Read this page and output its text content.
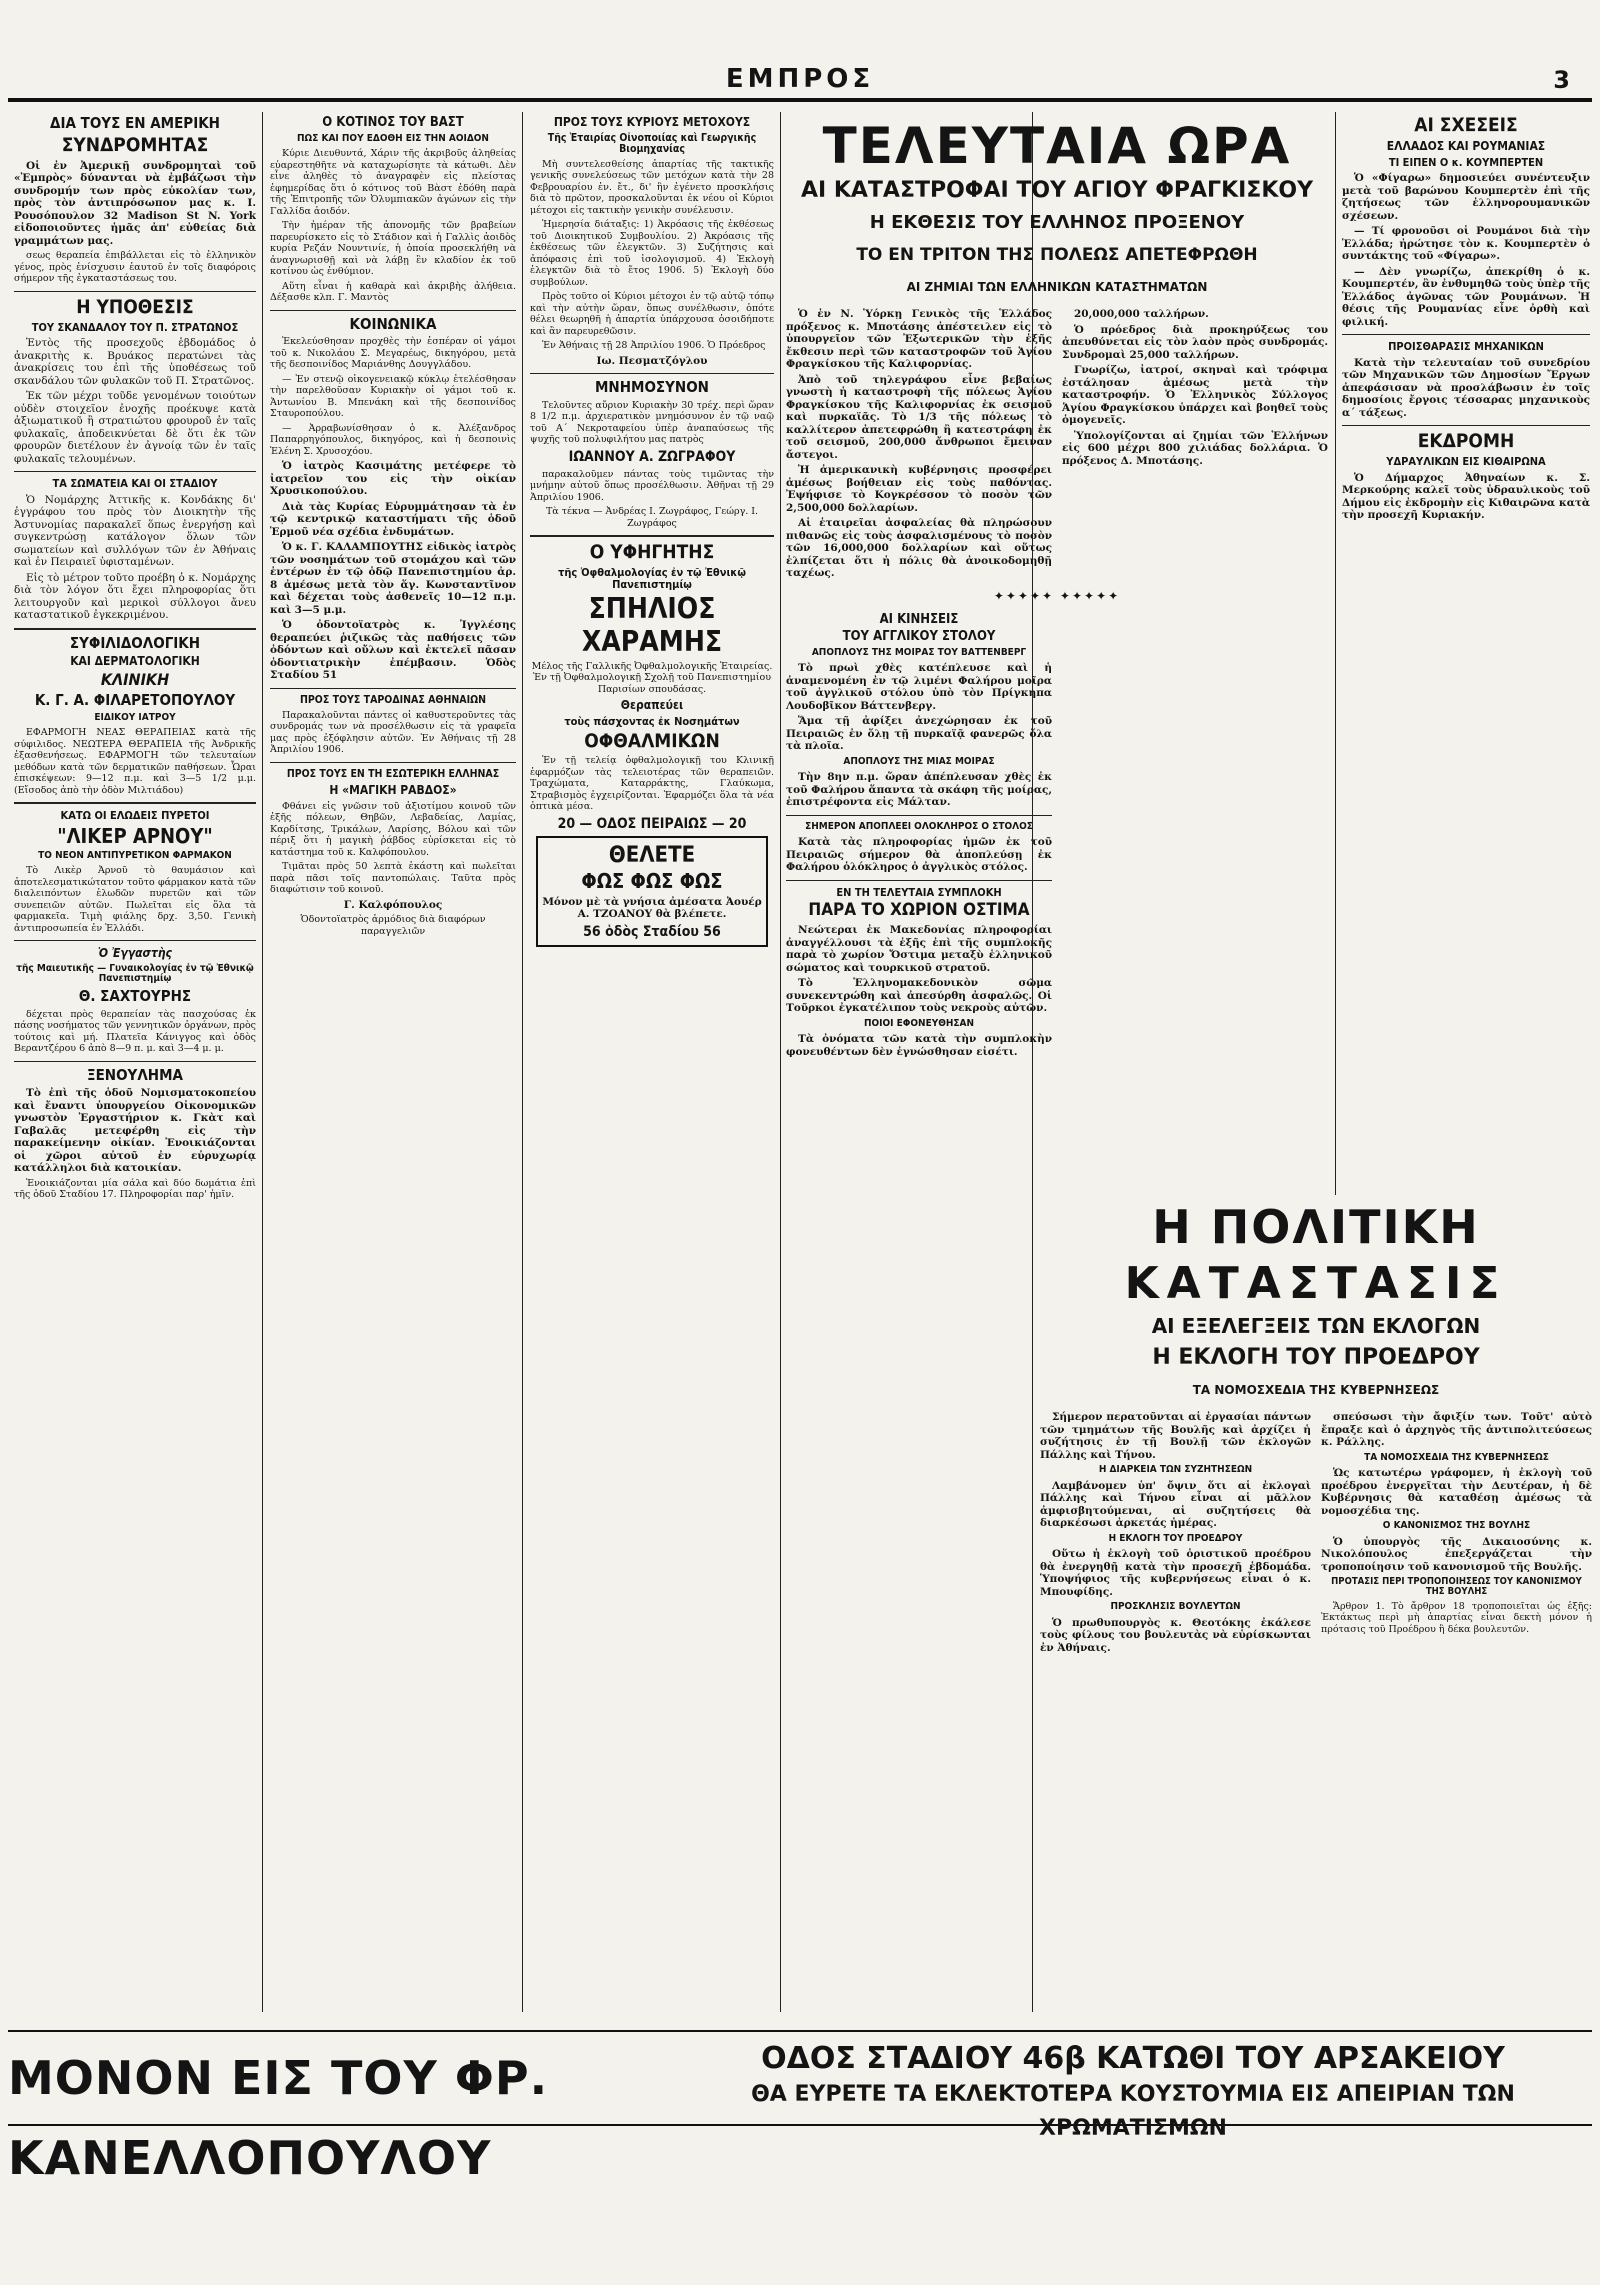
ΕΜΠΡΟΣ	3
ΔΙΑ ΤΟΥΣ ΕΝ ΑΜΕΡΙΚΗ
ΣΥΝΔΡΟΜΗΤΑΣ

Οἱ ἐν Ἀμερικῇ συνδρομηταὶ τοῦ «Ἐμπρὸς» δύνανται νὰ ἐμβάζωσι τὴν συνδρομήν των πρὸς εὐκολίαν των, πρὸς τὸν ἀντιπρόσωπον μας κ. Ι. Ρουσόπουλον 32 Madison St N. York εἰδοποιοῦντες ἡμᾶς ἀπ' εὐθείας διὰ γραμμάτων μας.

σεως θεραπεία ἐπιβάλλεται εἰς τὸ ἑλληνικὸν γένος, πρὸς ἐνίσχυσιν ἑαυτοῦ ἐν τοῖς διαφόροις σήμερον τῆς ἐγκαταστάσεως του.

Η ΥΠΟΘΕΣΙΣ
ΤΟΥ ΣΚΑΝΔΑΛΟΥ ΤΟΥ Π. ΣΤΡΑΤΩΝΟΣ

Ἐντὸς τῆς προσεχοῦς ἑβδομάδος ὁ ἀνακριτὴς κ. Βρυάκος περατώνει τὰς ἀνακρίσεις του ἐπὶ τῆς ὑποθέσεως τοῦ σκανδάλου τῶν φυλακῶν τοῦ Π. Στρατῶνος.

Ἐκ τῶν μέχρι τοῦδε γενομένων τοιούτων οὐδὲν στοιχεῖον ἐνοχῆς προέκυψε κατὰ ἀξιωματικοῦ ἢ στρατιώτου φρουροῦ ἐν ταῖς φυλακαῖς, ἀποδεικνύεται δὲ ὅτι ἐκ τῶν φρουρῶν διετέλουν ἐν ἀγνοίᾳ τῶν ἐν ταῖς φυλακαῖς τελουμένων.

ΤΑ ΣΩΜΑΤΕΙΑ ΚΑΙ ΟΙ ΣΤΑΔΙΟΥ

Ὁ Νομάρχης Ἀττικῆς κ. Κονδάκης δι' ἐγγράφου του πρὸς τὸν Διοικητὴν τῆς Ἀστυνομίας παρακαλεῖ ὅπως ἐνεργήσῃ καὶ συγκεντρώσῃ κατάλογον ὅλων τῶν σωματείων καὶ συλλόγων τῶν ἐν Ἀθήναις καὶ ἐν Πειραιεῖ ὑφισταμένων.

Εἰς τὸ μέτρον τοῦτο προέβη ὁ κ. Νομάρχης διὰ τὸν λόγον ὅτι ἔχει πληροφορίας ὅτι λειτουργοῦν καὶ μερικοὶ σύλλογοι ἄνευ καταστατικοῦ ἐγκεκριμένου.

ΣΥΦΙΛΙΔΟΛΟΓΙΚΗ
ΚΑΙ ΔΕΡΜΑΤΟΛΟΓΙΚΗ
ΚΛΙΝΙΚΗ
Κ. Γ. Α. ΦΙΛΑΡΕΤΟΠΟΥΛΟΥ
ΕΙΔΙΚΟΥ ΙΑΤΡΟΥ

ΕΦΑΡΜΟΓΗ ΝΕΑΣ ΘΕΡΑΠΕΙΑΣ κατὰ τῆς σύφιλιδος. ΝΕΩΤΕΡΑ ΘΕΡΑΠΕΙΑ τῆς Ἀνδρικῆς ἐξασθενήσεως. ΕΦΑΡΜΟΓΗ τῶν τελευταίων μεθόδων κατὰ τῶν δερματικῶν παθήσεων. Ὧραι ἐπισκέψεων: 9—12 π.μ. καὶ 3—5 1/2 μ.μ. (Εἴσοδος ἀπὸ τὴν ὁδὸν Μιλτιάδου)

ΚΑΤΩ ΟΙ ΕΛΩΔΕΙΣ ΠΥΡΕΤΟΙ
"ΛΙΚΕΡ ΑΡΝΟΥ"
ΤΟ ΝΕΟΝ ΑΝΤΙΠΥΡΕΤΙΚΟΝ ΦΑΡΜΑΚΟΝ

Τὸ Λικὲρ Ἀρνοῦ τὸ θαυμάσιον καὶ ἀποτελεσματικώτατον τοῦτο φάρμακον κατὰ τῶν διαλειπόντων ἑλωδῶν πυρετῶν καὶ τῶν συνεπειῶν αὐτῶν. Πωλεῖται εἰς ὅλα τὰ φαρμακεῖα. Τιμὴ φιάλης δρχ. 3,50. Γενικὴ ἀντιπροσωπεία ἐν Ἑλλάδι.

Ὁ Ἐγγαστὴς
τῆς Μαιευτικῆς — Γυναικολογίας ἐν τῷ Ἐθνικῷ Πανεπιστημίῳ
Θ. ΣΑΧΤΟΥΡΗΣ

δέχεται πρὸς θεραπείαν τὰς πασχούσας ἐκ πάσης νοσήματος τῶν γεννητικῶν ὀργάνων, πρὸς τούτοις καὶ μή. Πλατεῖα Κάνιγγος καὶ ὁδὸς Βεραντζέρου 6 ἀπὸ 8—9 π. μ. καὶ 3—4 μ. μ.

ΞΕΝΟΥΛΗΜΑ

Τὸ ἐπὶ τῆς ὁδοῦ Νομισματοκοπείου καὶ ἔναντι ὑπουργείου Οἰκονομικῶν γνωστὸν Ἐργαστήριον κ. Γκὰτ καὶ Γαβαλᾶς μετεφέρθη εἰς τὴν παρακείμενην οἰκίαν. Ἐνοικιάζονται οἱ χῶροι αὐτοῦ ἐν εὐρυχωρίᾳ κατάλληλοι διὰ κατοικίαν.

Ἐνοικιάζονται μία σάλα καὶ δύο δωμάτια ἐπὶ τῆς ὁδοῦ Σταδίου 17. Πληροφορίαι παρ' ἡμῖν.

Ο ΚΟΤΙΝΟΣ ΤΟΥ ΒΑΣΤ
ΠΩΣ ΚΑΙ ΠΟΥ ΕΔΟΘΗ ΕΙΣ ΤΗΝ ΑΟΙΔΟΝ

Κύριε Διευθυντά, Χάριν τῆς ἀκριβοῦς ἀληθείας εὐαρεστηθῆτε νὰ καταχωρίσητε τὰ κάτωθι. Δὲν εἶνε ἀληθὲς τὸ ἀναγραφὲν εἰς πλείστας ἐφημερίδας ὅτι ὁ κότινος τοῦ Βὰστ ἐδόθη παρὰ τῆς Ἐπιτροπῆς τῶν Ὀλυμπιακῶν ἀγώνων εἰς τὴν Γαλλίδα ἀοιδόν.

Τὴν ἡμέραν τῆς ἀπονομῆς τῶν βραβείων παρευρίσκετο εἰς τὸ Στάδιον καὶ ἡ Γαλλὶς ἀοιδὸς κυρία Ρεζάν Νουντινίε, ἡ ὁποία προσεκλήθη νὰ ἀναγνωρισθῇ καὶ νὰ λάβῃ ἓν κλαδίον ἐκ τοῦ κοτίνου ὡς ἐνθύμιον.

Αὕτη εἶναι ἡ καθαρὰ καὶ ἀκριβὴς ἀλήθεια. Δέξασθε κλπ. Γ. Μαντὸς

ΚΟΙΝΩΝΙΚΑ

Ἐκελεύσθησαν προχθὲς τὴν ἑσπέραν οἱ γάμοι τοῦ κ. Νικολάου Σ. Μεγαρέως, δικηγόρου, μετὰ τῆς δεσποινίδος Μαριάνθης Δουγγλάδου.

— Ἐν στενῷ οἰκογενειακῷ κύκλῳ ἐτελέσθησαν τὴν παρελθοῦσαν Κυριακὴν οἱ γάμοι τοῦ κ. Ἀντωνίου Β. Μπενάκη καὶ τῆς δεσποινίδος Σταυροπούλου.

— Ἀρραβωνίσθησαν ὁ κ. Ἀλέξανδρος Παπαρρηγόπουλος, δικηγόρος, καὶ ἡ δεσποινὶς Ἑλένη Σ. Χρυσοχόου.

Ὁ ἰατρὸς Κασιμάτης μετέφερε τὸ ἰατρεῖον του εἰς τὴν οἰκίαν Χρυσικοπούλου.

Διὰ τὰς Κυρίας Εὐρυμμάτησαν τὰ ἐν τῷ κεντρικῷ καταστήματι τῆς ὁδοῦ Ἑρμοῦ νέα σχέδια ἐνδυμάτων.

Ὁ κ. Γ. ΚΑΛΑΜΠΟΥΤΗΣ εἰδικὸς ἰατρὸς τῶν νοσημάτων τοῦ στομάχου καὶ τῶν ἐντέρων ἐν τῷ ὁδῷ Πανεπιστημίου ἀρ. 8 ἀμέσως μετὰ τὸν ἅγ. Κωνσταντῖνον καὶ δέχεται τοὺς ἀσθενεῖς 10—12 π.μ. καὶ 3—5 μ.μ.

Ὁ ὀδοντοϊατρὸς κ. Ἰγγλέσης θεραπεύει ῥιζικῶς τὰς παθήσεις τῶν ὀδόντων καὶ οὔλων καὶ ἐκτελεῖ πᾶσαν ὀδοντιατρικὴν ἐπέμβασιν. Ὁδὸς Σταδίου 51

ΠΡΟΣ ΤΟΥΣ ΤΑΡΟΔΙΝΑΣ ΑΘΗΝΑΙΩΝ

Παρακαλοῦνται πάντες οἱ καθυστεροῦντες τὰς συνδρομάς των νὰ προσέλθωσιν εἰς τὰ γραφεῖα μας πρὸς ἐξόφλησιν αὐτῶν. Ἐν Ἀθήναις τῇ 28 Ἀπριλίου 1906.

ΠΡΟΣ ΤΟΥΣ ΕΝ ΤΗ ΕΣΩΤΕΡΙΚΗ ΕΛΛΗΝΑΣ
Η «ΜΑΓΙΚΗ ΡΑΒΔΟΣ»

Φθάνει εἰς γνῶσιν τοῦ ἀξιοτίμου κοινοῦ τῶν ἐξῆς πόλεων, Θηβῶν, Λεβαδείας, Λαμίας, Καρδίτσης, Τρικάλων, Λαρίσης, Βόλου καὶ τῶν πέριξ ὅτι ἡ μαγικὴ ῥάβδος εὑρίσκεται εἰς τὸ κατάστημα τοῦ κ. Καλφόπουλου.

Τιμᾶται πρὸς 50 λεπτὰ ἑκάστη καὶ πωλεῖται παρὰ πᾶσι τοῖς παντοπώλαις. Ταῦτα πρὸς διαφώτισιν τοῦ κοινοῦ.

Γ. Καλφόπουλος

Ὁδοντοϊατρὸς ἀρμόδιος διὰ διαφόρων παραγγελιῶν

ΠΡΟΣ ΤΟΥΣ ΚΥΡΙΟΥΣ ΜΕΤΟΧΟΥΣ
Τῆς Ἑταιρίας Οἰνοποιίας καὶ Γεωργικῆς Βιομηχανίας

Μὴ συντελεσθείσης ἀπαρτίας τῆς τακτικῆς γενικῆς συνελεύσεως τῶν μετόχων κατὰ τὴν 28 Φεβρουαρίου ἐν. ἔτ., δι' ἣν ἐγένετο προσκλήσις διὰ τὸ πρῶτον, προσκαλοῦνται ἐκ νέου οἱ Κύριοι μέτοχοι εἰς τακτικὴν γενικὴν συνέλευσιν.

Ἡμερησία διάταξις: 1) Ἀκρόασις τῆς ἐκθέσεως τοῦ Διοικητικοῦ Συμβουλίου. 2) Ἀκρόασις τῆς ἐκθέσεως τῶν ἐλεγκτῶν. 3) Συζήτησις καὶ ἀπόφασις ἐπὶ τοῦ ἰσολογισμοῦ. 4) Ἐκλογὴ ἐλεγκτῶν διὰ τὸ ἔτος 1906. 5) Ἐκλογὴ δύο συμβούλων.

Πρὸς τοῦτο οἱ Κύριοι μέτοχοι ἐν τῷ αὐτῷ τόπῳ καὶ τὴν αὐτὴν ὥραν, ὅπως συνέλθωσιν, ὁπότε θέλει θεωρηθῆ ἡ ἀπαρτία ὑπάρχουσα ὁσοιδήποτε καὶ ἂν παρευρεθῶσιν.

Ἐν Ἀθήναις τῇ 28 Ἀπριλίου 1906. Ὁ Πρόεδρος

Ιω. Πεσματζόγλου

ΜΝΗΜΟΣΥΝΟΝ

Τελοῦντες αὔριον Κυριακὴν 30 τρέχ. περὶ ὥραν 8 1/2 π.μ. ἀρχιερατικὸν μνημόσυνον ἐν τῷ ναῷ τοῦ Α΄ Νεκροταφείου ὑπὲρ ἀναπαύσεως τῆς ψυχῆς τοῦ πολυφιλήτου μας πατρὸς

ΙΩΑΝΝΟΥ Α. ΖΩΓΡΑΦΟΥ

παρακαλοῦμεν πάντας τοὺς τιμῶντας τὴν μνήμην αὐτοῦ ὅπως προσέλθωσιν. Ἀθῆναι τῇ 29 Ἀπριλίου 1906.

Τὰ τέκνα — Ἀνδρέας Ι. Ζωγράφος, Γεώργ. Ι. Ζωγράφος

Ο ΥΦΗΓΗΤΗΣ
τῆς Ὀφθαλμολογίας ἐν τῷ Ἐθνικῷ Πανεπιστημίῳ
ΣΠΗΛΙΟΣ
ΧΑΡΑΜΗΣ

Μέλος τῆς Γαλλικῆς Ὀφθαλμολογικῆς Ἑταιρείας. Ἐν τῇ Ὀφθαλμολογικῇ Σχολῇ τοῦ Πανεπιστημίου Παρισίων σπουδάσας.

Θεραπεύει
τοὺς πάσχοντας ἐκ Νοσημάτων
ΟΦΘΑΛΜΙΚΩΝ

Ἐν τῇ τελείᾳ ὀφθαλμολογικῇ του Κλινικῇ ἐφαρμόζων τὰς τελειοτέρας τῶν θεραπειῶν. Τραχώματα, Καταρράκτης, Γλαύκωμα, Στραβισμὸς ἐγχειρίζονται. Ἐφαρμόζει ὅλα τὰ νέα ὀπτικὰ μέσα.

20 — ΟΔΟΣ ΠΕΙΡΑΙΩΣ — 20
ΘΕΛΕΤΕ
ΦΩΣ ΦΩΣ ΦΩΣ

Μόνον μὲ τὰ γνήσια ἀμέσατα Ἀουέρ Α. ΤΖΟΑΝΟΥ θὰ βλέπετε.

56 ὁδὸς Σταδίου 56
ΤΕΛΕΥΤΑΙΑ ΩΡΑ
ΑΙ ΚΑΤΑΣΤΡΟΦΑΙ ΤΟΥ ΑΓΙΟΥ ΦΡΑΓΚΙΣΚΟΥ
Η ΕΚΘΕΣΙΣ ΤΟΥ ΕΛΛΗΝΟΣ ΠΡΟΞΕΝΟΥ
ΤΟ ΕΝ ΤΡΙΤΟΝ ΤΗΣ ΠΟΛΕΩΣ ΑΠΕΤΕΦΡΩΘΗ
ΑΙ ΖΗΜΙΑΙ ΤΩΝ ΕΛΛΗΝΙΚΩΝ ΚΑΤΑΣΤΗΜΑΤΩΝ

Ὁ ἐν Ν. Ὑόρκῃ Γενικὸς τῆς Ἑλλάδος πρόξενος κ. Μποτάσης ἀπέστειλεν εἰς τὸ ὑπουργεῖον τῶν Ἐξωτερικῶν τὴν ἑξῆς ἔκθεσιν περὶ τῶν καταστροφῶν τοῦ Ἁγίου Φραγκίσκου τῆς Καλιφορνίας.

Ἀπὸ τοῦ τηλεγράφου εἶνε βεβαίως γνωστὴ ἡ καταστροφὴ τῆς πόλεως Ἁγίου Φραγκίσκου τῆς Καλιφορνίας ἐκ σεισμοῦ καὶ πυρκαϊᾶς. Τὸ 1/3 τῆς πόλεως τὸ καλλίτερον ἀπετεφρώθη ἢ κατεστράφη ἐκ τοῦ σεισμοῦ, 200,000 ἄνθρωποι ἔμειναν ἄστεγοι.

Ἡ ἀμερικανικὴ κυβέρνησις προσφέρει ἀμέσως βοήθειαν εἰς τοὺς παθόντας. Ἐψήφισε τὸ Κογκρέσσον τὸ ποσὸν τῶν 2,500,000 δολλαρίων.

Αἱ ἑταιρεῖαι ἀσφαλείας θὰ πληρώσουν πιθανῶς εἰς τοὺς ἀσφαλισμένους τὸ ποσὸν τῶν 16,000,000 δολλαρίων καὶ οὕτως ἐλπίζεται ὅτι ἡ πόλις θὰ ἀνοικοδομηθῇ ταχέως.

20,000,000 ταλλήρων.

Ὁ πρόεδρος διὰ προκηρύξεως του ἀπευθύνεται εἰς τὸν λαὸν πρὸς συνδρομάς. Συνδρομαὶ 25,000 ταλλήρων.

Γνωρίζω, ἰατροί, σκηναὶ καὶ τρόφιμα ἐστάλησαν ἀμέσως μετὰ τὴν καταστροφήν. Ὁ Ἐλληνικὸς Σύλλογος Ἁγίου Φραγκίσκου ὑπάρχει καὶ βοηθεῖ τοὺς ὁμογενεῖς.

Ὑπολογίζονται αἱ ζημίαι τῶν Ἑλλήνων εἰς 600 μέχρι 800 χιλιάδας δολλάρια. Ὁ πρόξενος Δ. Μποτάσης.

✦✦✦✦✦ ✦✦✦✦✦
ΑΙ ΚΙΝΗΣΕΙΣ
ΤΟΥ ΑΓΓΛΙΚΟΥ ΣΤΟΛΟΥ
ΑΠΟΠΛΟΥΣ ΤΗΣ ΜΟΙΡΑΣ ΤΟΥ ΒΑΤΤΕΝΒΕΡΓ

Τὸ πρωὶ χθὲς κατέπλευσε καὶ ἡ ἀναμενομένη ἐν τῷ λιμένι Φαλήρου μοῖρα τοῦ ἀγγλικοῦ στόλου ὑπὸ τὸν Πρίγκηπα Λουδοβῖκον Βάττενβεργ.

Ἅμα τῇ ἀφίξει ἀνεχώρησαν ἐκ τοῦ Πειραιῶς ἐν ὅλῃ τῇ πυρκαϊᾷ φανερῶς ὅλα τὰ πλοῖα.

ΑΠΟΠΛΟΥΣ ΤΗΣ ΜΙΑΣ ΜΟΙΡΑΣ

Τὴν 8ην π.μ. ὥραν ἀπέπλευσαν χθὲς ἐκ τοῦ Φαλήρου ἅπαντα τὰ σκάφη τῆς μοίρας, ἐπιστρέφοντα εἰς Μάλταν.

ΣΗΜΕΡΟΝ ΑΠΟΠΛΕΕΙ ΟΛΟΚΛΗΡΟΣ Ο ΣΤΟΛΟΣ

Κατὰ τὰς πληροφορίας ἡμῶν ἐκ τοῦ Πειραιῶς σήμερον θὰ ἀποπλεύσῃ ἐκ Φαλήρου ὁλόκληρος ὁ ἀγγλικὸς στόλος.

ΕΝ ΤΗ ΤΕΛΕΥΤΑΙΑ ΣΥΜΠΛΟΚΗ
ΠΑΡΑ ΤΟ ΧΩΡΙΟΝ ΟΣΤΙΜΑ

Νεώτεραι ἐκ Μακεδονίας πληροφορίαι ἀναγγέλλουσι τὰ ἑξῆς ἐπὶ τῆς συμπλοκῆς παρὰ τὸ χωρίον Ὄστιμα μεταξὺ ἑλληνικοῦ σώματος καὶ τουρκικοῦ στρατοῦ.

Τὸ Ἑλληνομακεδονικὸν σῶμα συνεκεντρώθη καὶ ἀπεσύρθη ἀσφαλῶς. Οἱ Τοῦρκοι ἐγκατέλιπον τοὺς νεκροὺς αὐτῶν.

ΠΟΙΟΙ ΕΦΟΝΕΥΘΗΣΑΝ

Τὰ ὀνόματα τῶν κατὰ τὴν συμπλοκὴν φονευθέντων δὲν ἐγνώσθησαν εἰσέτι.

ΑΙ ΣΧΕΣΕΙΣ
ΕΛΛΑΔΟΣ ΚΑΙ ΡΟΥΜΑΝΙΑΣ
ΤΙ ΕΙΠΕΝ Ο κ. ΚΟΥΜΠΕΡΤΕΝ

Ὁ «Φίγαρω» δημοσιεύει συνέντευξιν μετὰ τοῦ βαρώνου Κουμπερτὲν ἐπὶ τῆς ζητήσεως τῶν ἑλληνορουμανικῶν σχέσεων.

— Τί φρονοῦσι οἱ Ρουμάνοι διὰ τὴν Ἑλλάδα; ἠρώτησε τὸν κ. Κουμπερτὲν ὁ συντάκτης τοῦ «Φίγαρω».

— Δὲν γνωρίζω, ἀπεκρίθη ὁ κ. Κουμπερτέν, ἂν ἐνθυμηθῶ τοὺς ὑπὲρ τῆς Ἑλλάδος ἀγῶνας τῶν Ρουμάνων. Ἡ θέσις τῆς Ρουμανίας εἶνε ὀρθὴ καὶ φιλική.

ΠΡΟΙΣΘΑΡΑΣΙΣ ΜΗΧΑΝΙΚΩΝ

Κατὰ τὴν τελευταίαν τοῦ συνεδρίου τῶν Μηχανικῶν τῶν Δημοσίων Ἔργων ἀπεφάσισαν νὰ προσλάβωσιν ἐν τοῖς δημοσίοις ἔργοις τέσσαρας μηχανικοὺς α΄ τάξεως.

ΕΚΔΡΟΜΗ
ΥΔΡΑΥΛΙΚΩΝ ΕΙΣ ΚΙΘΑΙΡΩΝΑ

Ὁ Δήμαρχος Ἀθηναίων κ. Σ. Μερκούρης καλεῖ τοὺς ὑδραυλικοὺς τοῦ Δήμου εἰς ἐκδρομὴν εἰς Κιθαιρῶνα κατὰ τὴν προσεχῆ Κυριακήν.

Η ΠΟΛΙΤΙΚΗ
ΚΑΤΑΣΤΑΣΙΣ
ΑΙ ΕΞΕΛΕΓΞΕΙΣ ΤΩΝ ΕΚΛΟΓΩΝ
Η ΕΚΛΟΓΗ ΤΟΥ ΠΡΟΕΔΡΟΥ
ΤΑ ΝΟΜΟΣΧΕΔΙΑ ΤΗΣ ΚΥΒΕΡΝΗΣΕΩΣ

Σήμερον περατοῦνται αἱ ἐργασίαι πάντων τῶν τμημάτων τῆς Βουλῆς καὶ ἀρχίζει ἡ συζήτησις ἐν τῇ Βουλῇ τῶν ἐκλογῶν Πάλλης καὶ Τήνου.

Η ΔΙΑΡΚΕΙΑ ΤΩΝ ΣΥΖΗΤΗΣΕΩΝ

Λαμβάνομεν ὑπ' ὄψιν ὅτι αἱ ἐκλογαὶ Πάλλης καὶ Τήνου εἶναι αἱ μᾶλλον ἀμφισβητούμεναι, αἱ συζητήσεις θὰ διαρκέσωσι ἀρκετάς ἡμέρας.

Η ΕΚΛΟΓΗ ΤΟΥ ΠΡΟΕΔΡΟΥ

Οὕτω ἡ ἐκλογὴ τοῦ ὁριστικοῦ προέδρου θὰ ἐνεργηθῇ κατὰ τὴν προσεχῆ ἑβδομάδα. Ὑποψήφιος τῆς κυβερνήσεως εἶναι ὁ κ. Μπουφίδης.

ΠΡΟΣΚΛΗΣΙΣ ΒΟΥΛΕΥΤΩΝ

Ὁ πρωθυπουργὸς κ. Θεοτόκης ἐκάλεσε τοὺς φίλους του βουλευτὰς νὰ εὑρίσκωνται ἐν Ἀθήναις.

σπεύσωσι τὴν ἄφιξίν των. Τοῦτ' αὐτὸ ἔπραξε καὶ ὁ ἀρχηγὸς τῆς ἀντιπολιτεύσεως κ. Ράλλης.

ΤΑ ΝΟΜΟΣΧΕΔΙΑ ΤΗΣ ΚΥΒΕΡΝΗΣΕΩΣ

Ὡς κατωτέρω γράφομεν, ἡ ἐκλογὴ τοῦ προέδρου ἐνεργεῖται τὴν Δευτέραν, ἡ δὲ Κυβέρνησις θὰ καταθέσῃ ἀμέσως τὰ νομοσχέδια της.

Ο ΚΑΝΟΝΙΣΜΟΣ ΤΗΣ ΒΟΥΛΗΣ

Ὁ ὑπουργὸς τῆς Δικαιοσύνης κ. Νικολόπουλος ἐπεξεργάζεται τὴν τροποποίησιν τοῦ κανονισμοῦ τῆς Βουλῆς.

ΠΡΟΤΑΣΙΣ ΠΕΡΙ ΤΡΟΠΟΠΟΙΗΣΕΩΣ ΤΟΥ ΚΑΝΟΝΙΣΜΟΥ ΤΗΣ ΒΟΥΛΗΣ

Ἄρθρον 1. Τὸ ἄρθρον 18 τροποποιεῖται ὡς ἑξῆς: Ἐκτάκτως περὶ μὴ ἀπαρτίας εἶναι δεκτὴ μόνον ἡ πρότασις τοῦ Προέδρου ἢ δέκα βουλευτῶν.

ΜΟΝΟΝ ΕΙΣ ΤΟΥ ΦΡ. ΚΑΝΕΛΛΟΠΟΥΛΟΥ
ΟΔΟΣ ΣΤΑΔΙΟΥ 46β ΚΑΤΩΘΙ ΤΟΥ ΑΡΣΑΚΕΙΟΥ
ΘΑ ΕΥΡΕΤΕ ΤΑ ΕΚΛΕΚΤΟΤΕΡΑ ΚΟΥΣΤΟΥΜΙΑ ΕΙΣ ΑΠΕΙΡΙΑΝ ΤΩΝ ΧΡΩΜΑΤΙΣΜΩΝ
